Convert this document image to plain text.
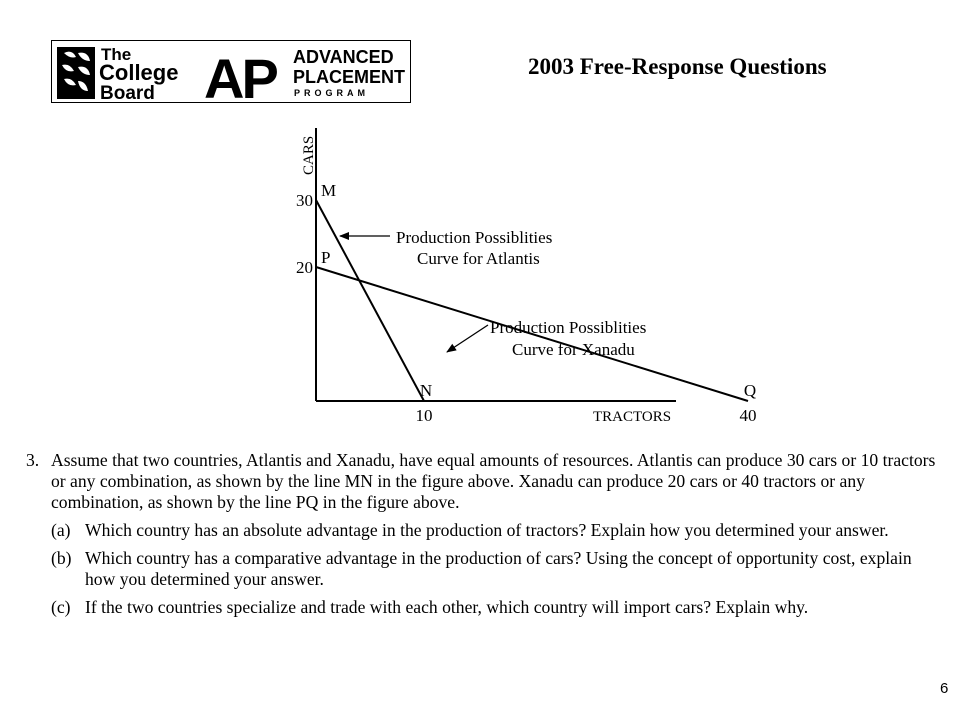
The
College
Board AP ADVANCED
PLACEMENT
PROGRAM
2003 Free-Response Questions
CARS
TRACTORS
30
20
10	40
M
N
P
Q
Production Possiblities
Curve for Atlantis
Production Possiblities
Curve for Xanadu
3. Assume that two countries, Atlantis and Xanadu, have equal amounts of resources. Atlantis can produce 30 cars or 10 tractors or any combination, as shown by the line MN in the figure above. Xanadu can produce 20 cars or 40 tractors or any combination, as shown by the line PQ in the figure above.
(a) Which country has an absolute advantage in the production of tractors? Explain how you determined your answer.
(b) Which country has a comparative advantage in the production of cars? Using the concept of opportunity cost, explain how you determined your answer.
(c) If the two countries specialize and trade with each other, which country will import cars? Explain why.
6
